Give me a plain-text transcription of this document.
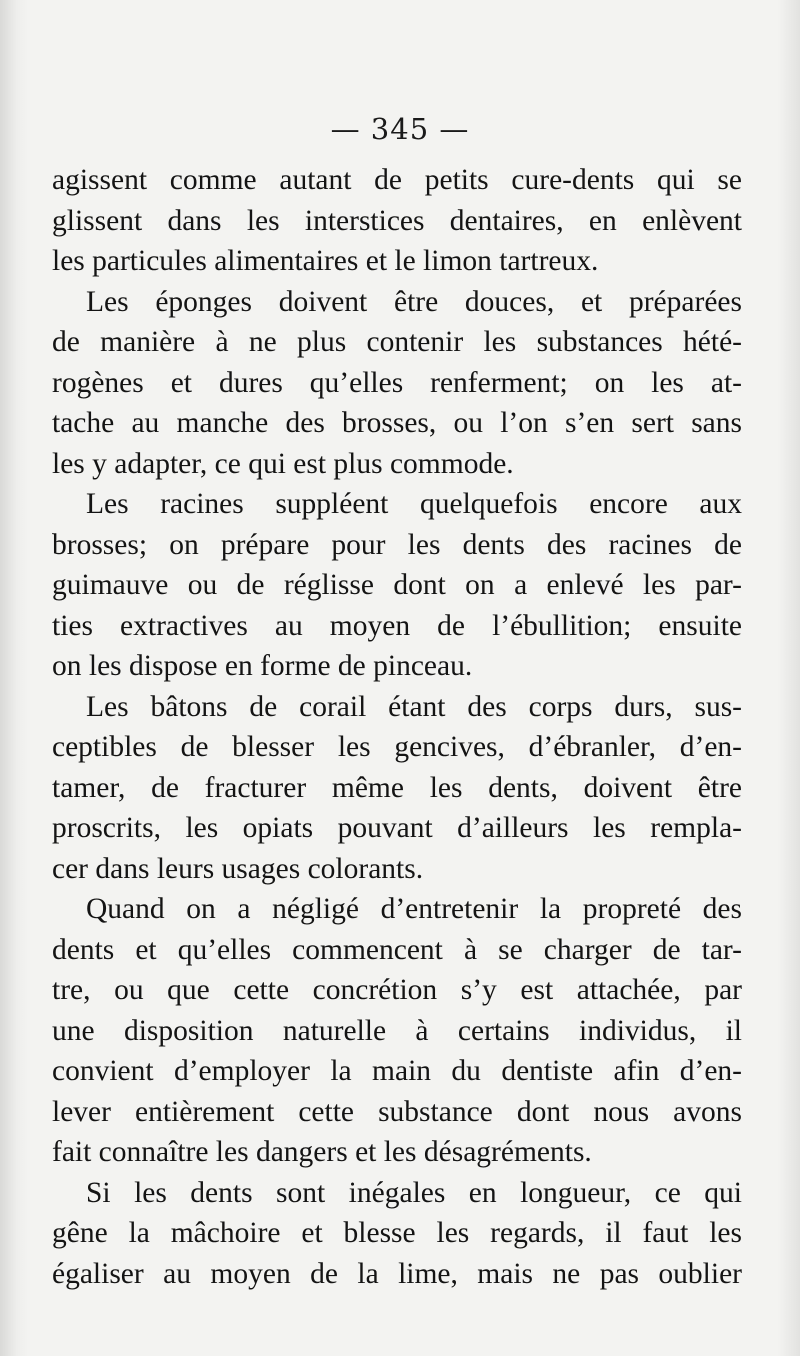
— 345 —

agissent comme autant de petits cure-dents qui se
glissent dans les interstices dentaires, en enlèvent
les particules alimentaires et le limon tartreux.

Les éponges doivent être douces, et préparées
de manière à ne plus contenir les substances hété-
rogènes et dures qu’elles renferment; on les at-
tache au manche des brosses, ou l’on s’en sert sans
les y adapter, ce qui est plus commode.

Les racines suppléent quelquefois encore aux
brosses; on prépare pour les dents des racines de
guimauve ou de réglisse dont on a enlevé les par-
ties extractives au moyen de l’ébullition; ensuite
on les dispose en forme de pinceau.

Les bâtons de corail étant des corps durs, sus-
ceptibles de blesser les gencives, d’ébranler, d’en-
tamer, de fracturer même les dents, doivent être
proscrits, les opiats pouvant d’ailleurs les rempla-
cer dans leurs usages colorants.

Quand on a négligé d’entretenir la propreté des
dents et qu’elles commencent à se charger de tar-
tre, ou que cette concrétion s’y est attachée, par
une disposition naturelle à certains individus, il
convient d’employer la main du dentiste afin d’en-
lever entièrement cette substance dont nous avons
fait connaître les dangers et les désagréments.

Si les dents sont inégales en longueur, ce qui
gêne la mâchoire et blesse les regards, il faut les
égaliser au moyen de la lime, mais ne pas oublier
